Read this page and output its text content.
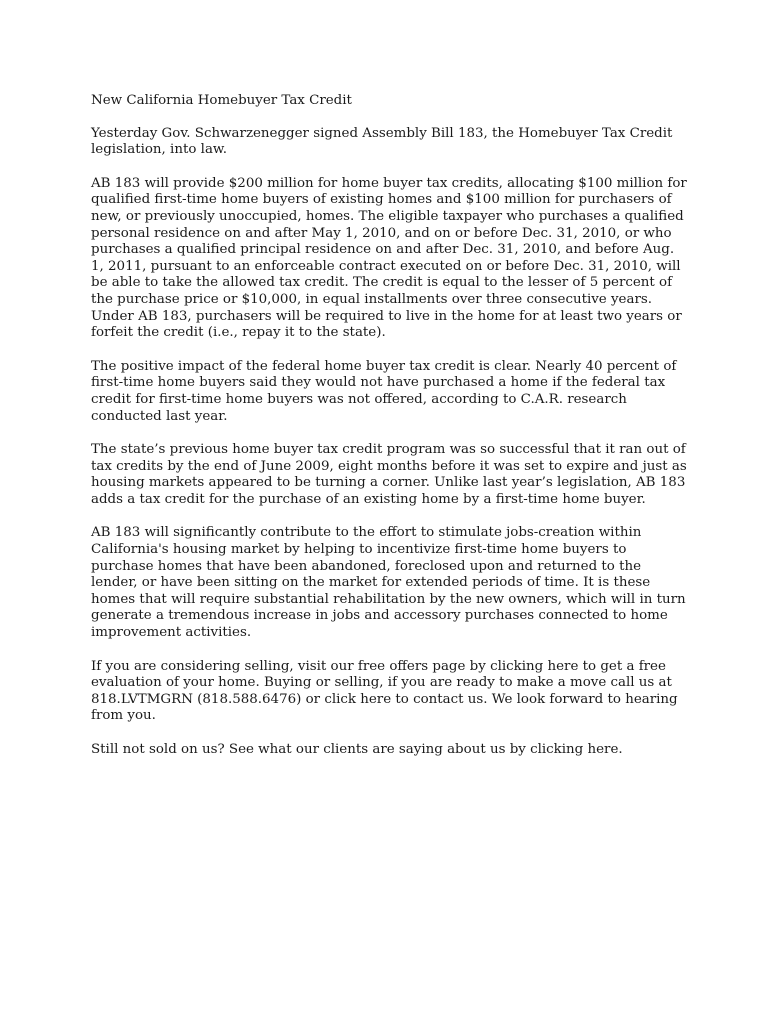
New California Homebuyer Tax Credit

Yesterday Gov. Schwarzenegger signed Assembly Bill 183, the Homebuyer Tax Credit legislation, into law.

AB 183 will provide $200 million for home buyer tax credits, allocating $100 million for qualified first-time home buyers of existing homes and $100 million for purchasers of new, or previously unoccupied, homes. The eligible taxpayer who purchases a qualified personal residence on and after May 1, 2010, and on or before Dec. 31, 2010, or who purchases a qualified principal residence on and after Dec. 31, 2010, and before Aug. 1, 2011, pursuant to an enforceable contract executed on or before Dec. 31, 2010, will be able to take the allowed tax credit. The credit is equal to the lesser of 5 percent of the purchase price or $10,000, in equal installments over three consecutive years. Under AB 183, purchasers will be required to live in the home for at least two years or forfeit the credit (i.e., repay it to the state).

The positive impact of the federal home buyer tax credit is clear. Nearly 40 percent of first-time home buyers said they would not have purchased a home if the federal tax credit for first-time home buyers was not offered, according to C.A.R. research conducted last year.

The state’s previous home buyer tax credit program was so successful that it ran out of tax credits by the end of June 2009, eight months before it was set to expire and just as housing markets appeared to be turning a corner. Unlike last year’s legislation, AB 183 adds a tax credit for the purchase of an existing home by a first-time home buyer.

AB 183 will significantly contribute to the effort to stimulate jobs-creation within California's housing market by helping to incentivize first-time home buyers to purchase homes that have been abandoned, foreclosed upon and returned to the lender, or have been sitting on the market for extended periods of time. It is these homes that will require substantial rehabilitation by the new owners, which will in turn generate a tremendous increase in jobs and accessory purchases connected to home improvement activities.

If you are considering selling, visit our free offers page by clicking here to get a free evaluation of your home. Buying or selling, if you are ready to make a move call us at 818.LVTMGRN (818.588.6476) or click here to contact us. We look forward to hearing from you.

Still not sold on us? See what our clients are saying about us by clicking here.
